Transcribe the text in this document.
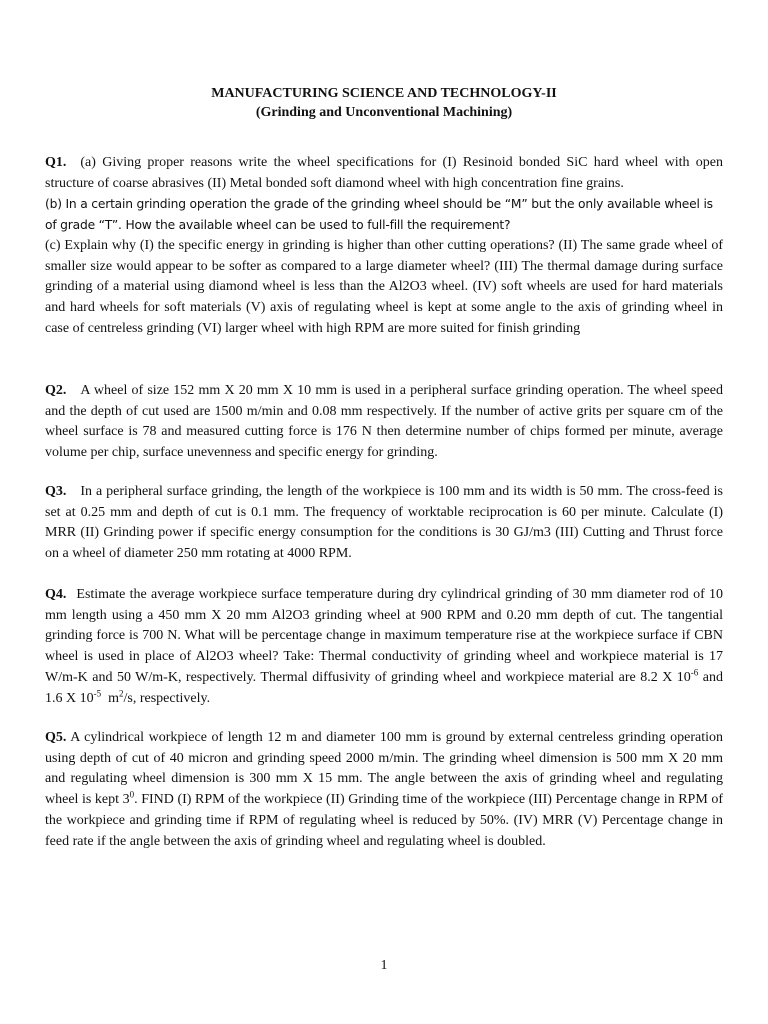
MANUFACTURING SCIENCE AND TECHNOLOGY-II
(Grinding and Unconventional Machining)
Q1. (a) Giving proper reasons write the wheel specifications for (I) Resinoid bonded SiC hard wheel with open structure of coarse abrasives (II) Metal bonded soft diamond wheel with high concentration fine grains.
(b) In a certain grinding operation the grade of the grinding wheel should be “M” but the only available wheel is
of grade “T”. How the available wheel can be used to full-fill the requirement?
(c) Explain why (I) the specific energy in grinding is higher than other cutting operations? (II) The same grade wheel of smaller size would appear to be softer as compared to a large diameter wheel? (III) The thermal damage during surface grinding of a material using diamond wheel is less than the Al2O3 wheel. (IV) soft wheels are used for hard materials and hard wheels for soft materials (V) axis of regulating wheel is kept at some angle to the axis of grinding wheel in case of centreless grinding (VI) larger wheel with high RPM are more suited for finish grinding
Q2. A wheel of size 152 mm X 20 mm X 10 mm is used in a peripheral surface grinding operation. The wheel speed and the depth of cut used are 1500 m/min and 0.08 mm respectively. If the number of active grits per square cm of the wheel surface is 78 and measured cutting force is 176 N then determine number of chips formed per minute, average volume per chip, surface unevenness and specific energy for grinding.
Q3. In a peripheral surface grinding, the length of the workpiece is 100 mm and its width is 50 mm. The cross-feed is set at 0.25 mm and depth of cut is 0.1 mm. The frequency of worktable reciprocation is 60 per minute. Calculate (I) MRR (II) Grinding power if specific energy consumption for the conditions is 30 GJ/m3 (III) Cutting and Thrust force on a wheel of diameter 250 mm rotating at 4000 RPM.
Q4. Estimate the average workpiece surface temperature during dry cylindrical grinding of 30 mm diameter rod of 10 mm length using a 450 mm X 20 mm Al2O3 grinding wheel at 900 RPM and 0.20 mm depth of cut. The tangential grinding force is 700 N. What will be percentage change in maximum temperature rise at the workpiece surface if CBN wheel is used in place of Al2O3 wheel? Take: Thermal conductivity of grinding wheel and workpiece material is 17 W/m-K and 50 W/m-K, respectively. Thermal diffusivity of grinding wheel and workpiece material are 8.2 X $10^{-6}$ and 1.6 X $10^{-5}$  $m^2/s$, respectively.
Q5. A cylindrical workpiece of length 12 m and diameter 100 mm is ground by external centreless grinding operation using depth of cut of 40 micron and grinding speed 2000 m/min. The grinding wheel dimension is 500 mm X 20 mm and regulating wheel dimension is 300 mm X 15 mm. The angle between the axis of grinding wheel and regulating wheel is kept $3^0$. FIND (I) RPM of the workpiece (II) Grinding time of the workpiece (III) Percentage change in RPM of the workpiece and grinding time if RPM of regulating wheel is reduced by 50%. (IV) MRR (V) Percentage change in feed rate if the angle between the axis of grinding wheel and regulating wheel is doubled.
1
